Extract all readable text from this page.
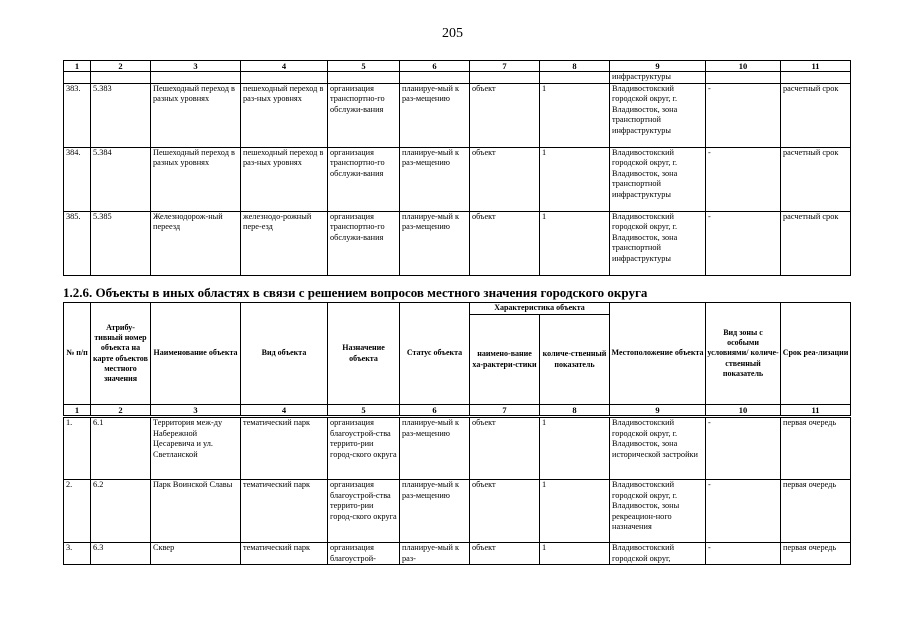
205
1	2	3	4	5	6	7	8	9	10	11
								инфраструктуры		
383.	5.383	Пешеходный переход в разных уровнях	пешеходный переход в раз-ных уровнях	организация транспортно-го обслужи-вания	планируе-мый к раз-мещению	объект	1	Владивостокский городской округ, г. Владивосток, зона транспортной инфраструктуры	-	расчетный срок
384.	5.384	Пешеходный переход в разных уровнях	пешеходный переход в раз-ных уровнях	организация транспортно-го обслужи-вания	планируе-мый к раз-мещению	объект	1	Владивостокский городской округ, г. Владивосток, зона транспортной инфраструктуры	-	расчетный срок
385.	5.385	Железнодорож-ный переезд	железнодо-рожный пере-езд	организация транспортно-го обслужи-вания	планируе-мый к раз-мещению	объект	1	Владивостокский городской округ, г. Владивосток, зона транспортной инфраструктуры	-	расчетный срок
1.2.6. Объекты в иных областях в связи с решением вопросов местного значения городского округа
№ п/п	Атрибу-тивный номер объекта на карте объектов местного значения	Наименование объекта	Вид объекта	Назначение объекта	Статус объекта	Характеристика объекта		Местоположение объекта	Вид зоны с особыми условиями/ количе-ственный показатель	Срок реа-лизации
						наимено-вание ха-рактери-стики	количе-ственный показатель			
1	2	3	4	5	6	7	8	9	10	11
1.	6.1	Территория меж-ду Набережной Цесаревича и ул. Светланской	тематический парк	организация благоустрой-ства террито-рии город-ского округа	планируе-мый к раз-мещению	объект	1	Владивостокский городской округ, г. Владивосток, зона исторической застройки	-	первая очередь
2.	6.2	Парк Воинской Славы	тематический парк	организация благоустрой-ства террито-рии город-ского округа	планируе-мый к раз-мещению	объект	1	Владивостокский городской округ, г. Владивосток, зоны рекреацион-ного назначения	-	первая очередь
3.	6.3	Сквер	тематический парк	организация благоустрой-	планируе-мый к раз-	объект	1	Владивостокский городской округ,	-	первая очередь
